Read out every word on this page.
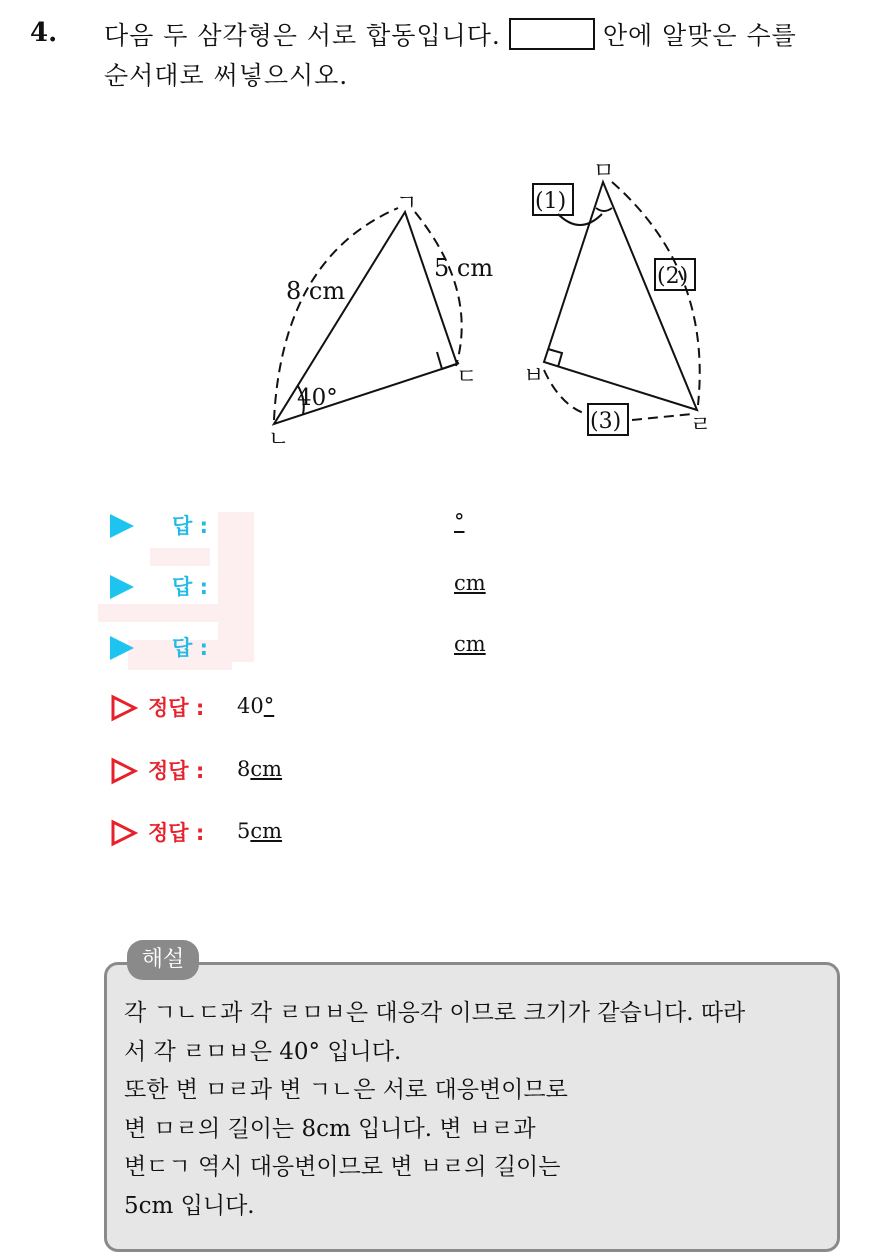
4. 다음 두 삼각형은 서로 합동입니다.	안에 알맞은 수를
순서대로 써넣으시오.
ㄱ
ㄴ
ㄷ
8 cm
5 cm
40°
ㅁ
ㅂ
ㄹ
(1)
(2)
(3)
답 :	°
답 :	cm
답 :	cm
정답 : 40°
정답 : 8cm
정답 : 5cm
해설
각 ㄱㄴㄷ과 각 ㄹㅁㅂ은 대응각 이므로 크기가 같습니다. 따라
서 각 ㄹㅁㅂ은 40° 입니다.
또한 변 ㅁㄹ과 변 ㄱㄴ은 서로 대응변이므로
변 ㅁㄹ의 길이는 8cm 입니다. 변 ㅂㄹ과
변ㄷㄱ 역시 대응변이므로 변 ㅂㄹ의 길이는
5cm 입니다.
